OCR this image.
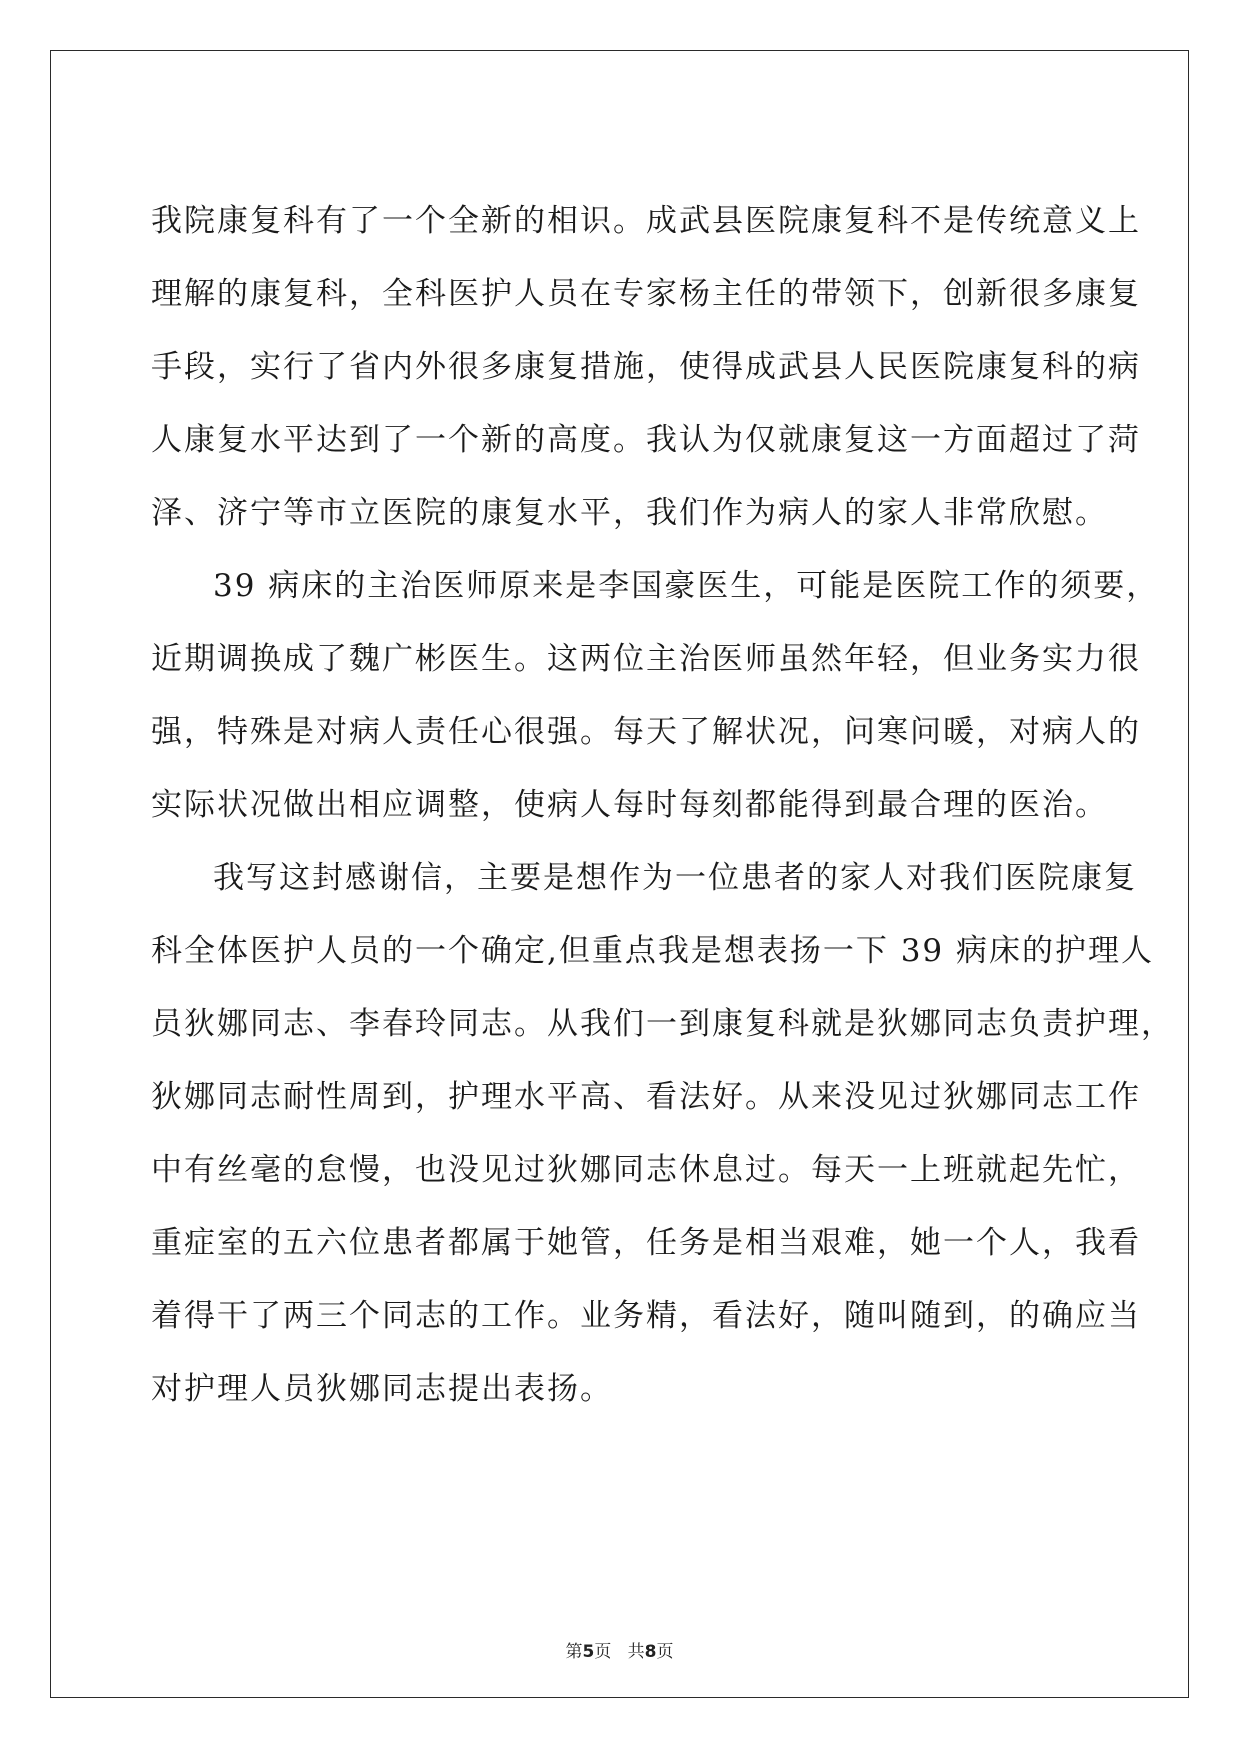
我院康复科有了一个全新的相识。成武县医院康复科不是传统意义上
理解的康复科，全科医护人员在专家杨主任的带领下，创新很多康复
手段，实行了省内外很多康复措施，使得成武县人民医院康复科的病
人康复水平达到了一个新的高度。我认为仅就康复这一方面超过了菏
泽、济宁等市立医院的康复水平，我们作为病人的家人非常欣慰。
39 病床的主治医师原来是李国豪医生，可能是医院工作的须要，
近期调换成了魏广彬医生。这两位主治医师虽然年轻，但业务实力很
强，特殊是对病人责任心很强。每天了解状况，问寒问暖，对病人的
实际状况做出相应调整，使病人每时每刻都能得到最合理的医治。
我写这封感谢信，主要是想作为一位患者的家人对我们医院康复
科全体医护人员的一个确定,但重点我是想表扬一下 39 病床的护理人
员狄娜同志、李春玲同志。从我们一到康复科就是狄娜同志负责护理，
狄娜同志耐性周到，护理水平高、看法好。从来没见过狄娜同志工作
中有丝毫的怠慢，也没见过狄娜同志休息过。每天一上班就起先忙，
重症室的五六位患者都属于她管，任务是相当艰难，她一个人，我看
着得干了两三个同志的工作。业务精，看法好，随叫随到，的确应当
对护理人员狄娜同志提出表扬。
第5页 共8页
